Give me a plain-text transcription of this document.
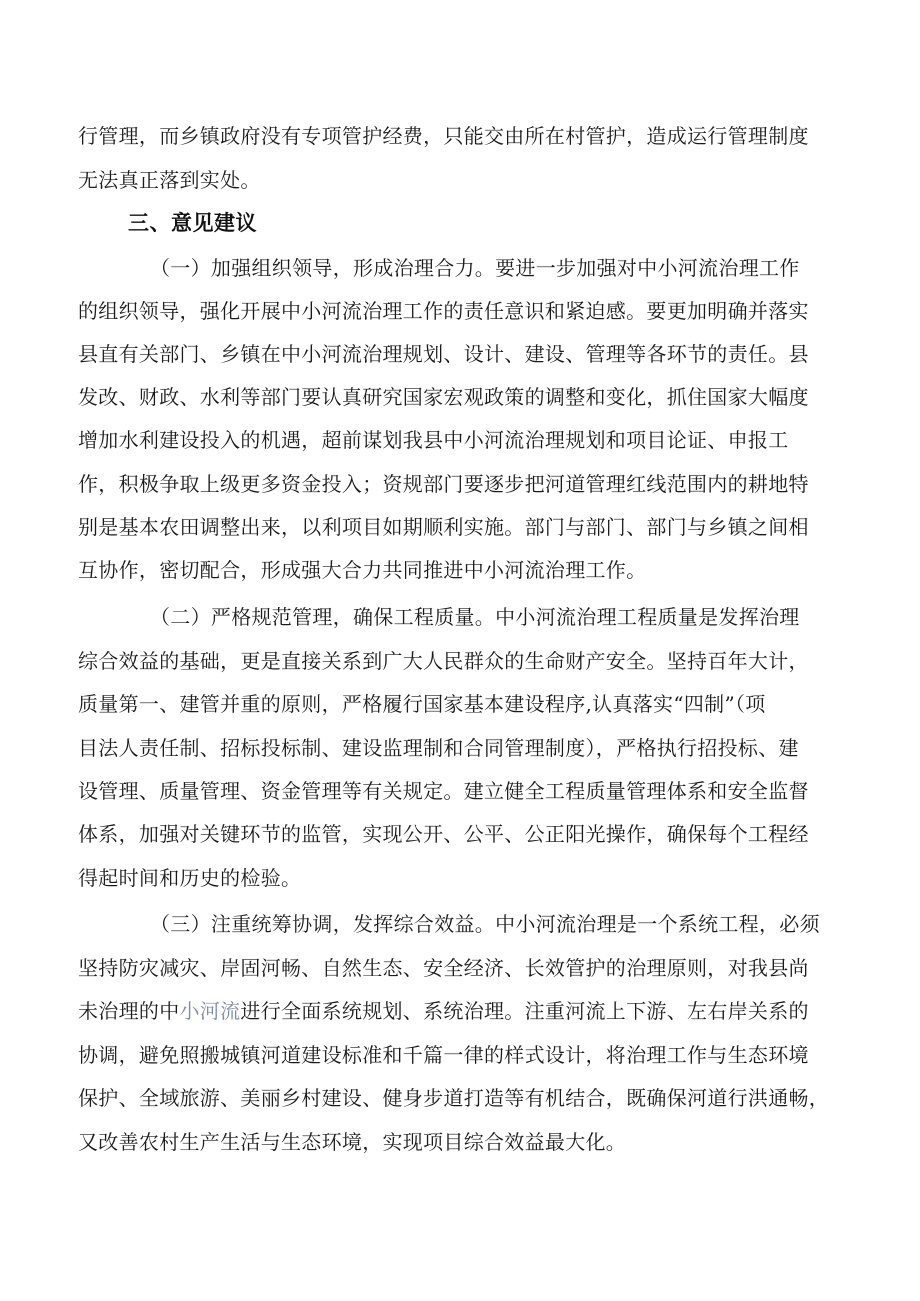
行管理，而乡镇政府没有专项管护经费，只能交由所在村管护，造成运行管理制度
无法真正落到实处。
三、意见建议
（一）加强组织领导，形成治理合力。要进一步加强对中小河流治理工作
的组织领导，强化开展中小河流治理工作的责任意识和紧迫感。要更加明确并落实
县直有关部门、乡镇在中小河流治理规划、设计、建设、管理等各环节的责任。县
发改、财政、水利等部门要认真研究国家宏观政策的调整和变化，抓住国家大幅度
增加水利建设投入的机遇，超前谋划我县中小河流治理规划和项目论证、申报工
作，积极争取上级更多资金投入；资规部门要逐步把河道管理红线范围内的耕地特
别是基本农田调整出来，以利项目如期顺利实施。部门与部门、部门与乡镇之间相
互协作，密切配合，形成强大合力共同推进中小河流治理工作。
（二）严格规范管理，确保工程质量。中小河流治理工程质量是发挥治理
综合效益的基础，更是直接关系到广大人民群众的生命财产安全。坚持百年大计，
质量第一、建管并重的原则，严格履行国家基本建设程序,认真落实“四制”（项
目法人责任制、招标投标制、建设监理制和合同管理制度），严格执行招投标、建
设管理、质量管理、资金管理等有关规定。建立健全工程质量管理体系和安全监督
体系，加强对关键环节的监管，实现公开、公平、公正阳光操作，确保每个工程经
得起时间和历史的检验。
（三）注重统筹协调，发挥综合效益。中小河流治理是一个系统工程，必须
坚持防灾减灾、岸固河畅、自然生态、安全经济、长效管护的治理原则，对我县尚
未治理的中小河流进行全面系统规划、系统治理。注重河流上下游、左右岸关系的
协调，避免照搬城镇河道建设标准和千篇一律的样式设计，将治理工作与生态环境
保护、全域旅游、美丽乡村建设、健身步道打造等有机结合，既确保河道行洪通畅，
又改善农村生产生活与生态环境，实现项目综合效益最大化。
